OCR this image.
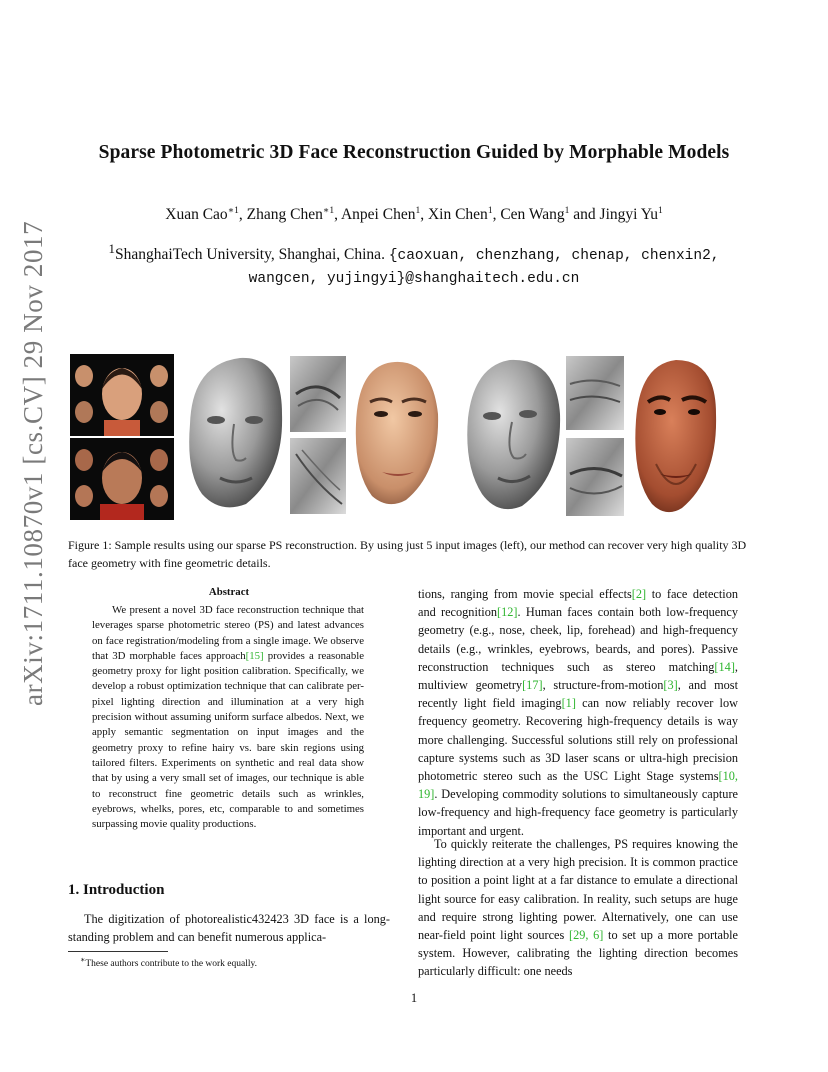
arXiv:1711.10870v1 [cs.CV] 29 Nov 2017
Sparse Photometric 3D Face Reconstruction Guided by Morphable Models
Xuan Cao$^{∗1}$, Zhang Chen$^{∗1}$, Anpei Chen$^1$, Xin Chen$^1$, Cen Wang$^1$ and Jingyi Yu$^1$
$^1$ShanghaiTech University, Shanghai, China. {caoxuan, chenzhang, chenap, chenxin2,
wangcen, yujingyi}@shanghaitech.edu.cn
Figure 1: Sample results using our sparse PS reconstruction. By using just 5 input images (left), our method can recover very high quality 3D face geometry with fine geometric details.
Abstract
We present a novel 3D face reconstruction technique that leverages sparse photometric stereo (PS) and latest advances on face registration/modeling from a single image. We observe that 3D morphable faces approach[15] provides a reasonable geometry proxy for light position calibration. Specifically, we develop a robust optimization technique that can calibrate per-pixel lighting direction and illumination at a very high precision without assuming uniform surface albedos. Next, we apply semantic segmentation on input images and the geometry proxy to refine hairy vs. bare skin regions using tailored filters. Experiments on synthetic and real data show that by using a very small set of images, our technique is able to reconstruct fine geometric details such as wrinkles, eyebrows, whelks, pores, etc, comparable to and sometimes surpassing movie quality productions.
1. Introduction
The digitization of photorealistic432423 3D face is a long-standing problem and can benefit numerous applica-
∗These authors contribute to the work equally.
tions, ranging from movie special effects[2] to face detection and recognition[12]. Human faces contain both low-frequency geometry (e.g., nose, cheek, lip, forehead) and high-frequency details (e.g., wrinkles, eyebrows, beards, and pores). Passive reconstruction techniques such as stereo matching[14], multiview geometry[17], structure-from-motion[3], and most recently light field imaging[1] can now reliably recover low frequency geometry. Recovering high-frequency details is way more challenging. Successful solutions still rely on professional capture systems such as 3D laser scans or ultra-high precision photometric stereo such as the USC Light Stage systems[10, 19]. Developing commodity solutions to simultaneously capture low-frequency and high-frequency face geometry is particularly important and urgent.
To quickly reiterate the challenges, PS requires knowing the lighting direction at a very high precision. It is common practice to position a point light at a far distance to emulate a directional light source for easy calibration. In reality, such setups are huge and require strong lighting power. Alternatively, one can use near-field point light sources [29, 6] to set up a more portable system. However, calibrating the lighting direction becomes particularly difficult: one needs
1
